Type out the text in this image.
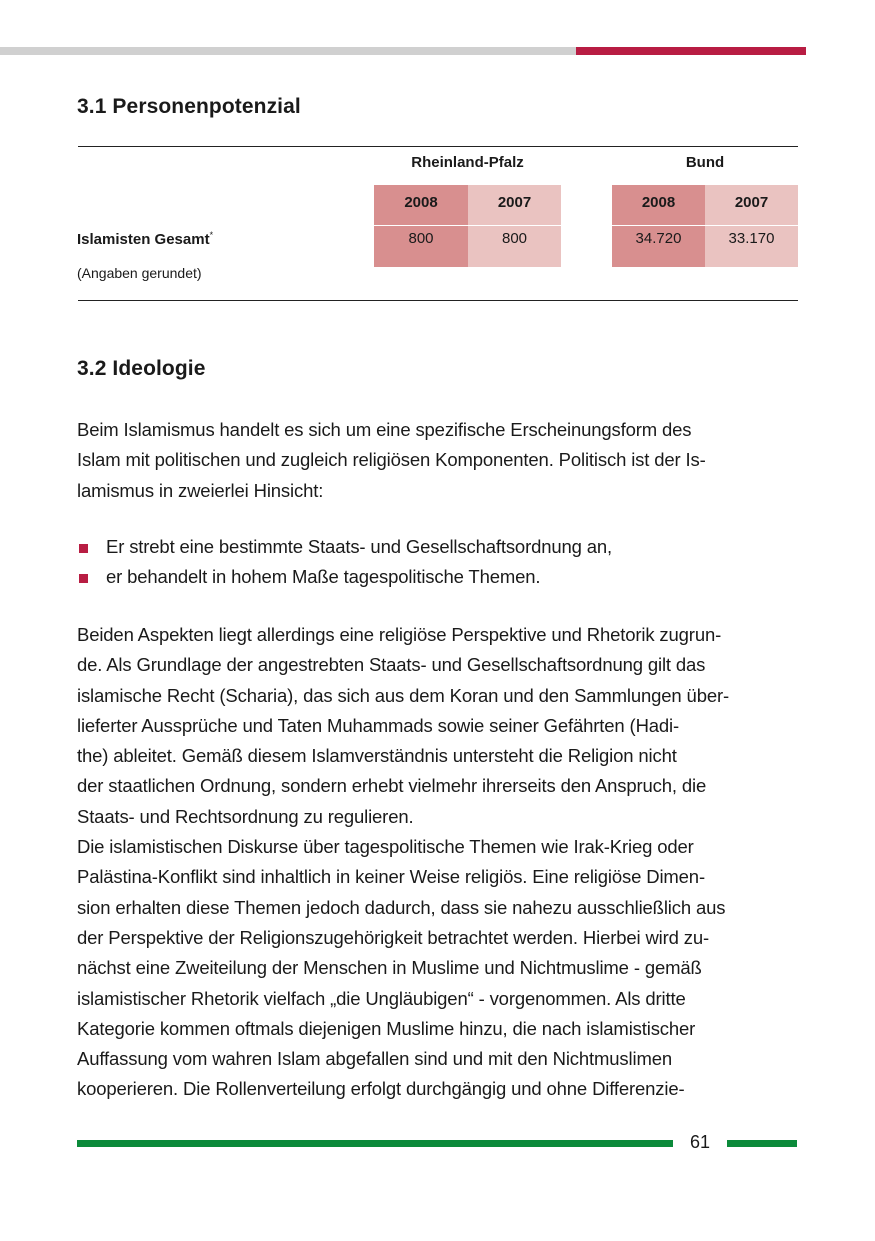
3.1 Personenpotenzial
Rheinland-Pfalz	Bund
2008	2007	2008	2007
Islamisten Gesamt*	800	800	34.720	33.170
(Angaben gerundet)
3.2 Ideologie

Beim Islamismus handelt es sich um eine spezifische Erscheinungsform des
Islam mit politischen und zugleich religiösen Komponenten. Politisch ist der Is-
lamismus in zweierlei Hinsicht:

Er strebt eine bestimmte Staats- und Gesellschaftsordnung an,
er behandelt in hohem Maße tagespolitische Themen.

Beiden Aspekten liegt allerdings eine religiöse Perspektive und Rhetorik zugrun-
de. Als Grundlage der angestrebten Staats- und Gesellschaftsordnung gilt das
islamische Recht (Scharia), das sich aus dem Koran und den Sammlungen über-
lieferter Aussprüche und Taten Muhammads sowie seiner Gefährten (Hadi-
the) ableitet. Gemäß diesem Islamverständnis untersteht die Religion nicht
der staatlichen Ordnung, sondern erhebt vielmehr ihrerseits den Anspruch, die
Staats- und Rechtsordnung zu regulieren.
Die islamistischen Diskurse über tagespolitische Themen wie Irak-Krieg oder
Palästina-Konflikt sind inhaltlich in keiner Weise religiös. Eine religiöse Dimen-
sion erhalten diese Themen jedoch dadurch, dass sie nahezu ausschließlich aus
der Perspektive der Religionszugehörigkeit betrachtet werden. Hierbei wird zu-
nächst eine Zweiteilung der Menschen in Muslime und Nichtmuslime - gemäß
islamistischer Rhetorik vielfach „die Ungläubigen“ - vorgenommen. Als dritte
Kategorie kommen oftmals diejenigen Muslime hinzu, die nach islamistischer
Auffassung vom wahren Islam abgefallen sind und mit den Nichtmuslimen
kooperieren. Die Rollenverteilung erfolgt durchgängig und ohne Differenzie-

61
